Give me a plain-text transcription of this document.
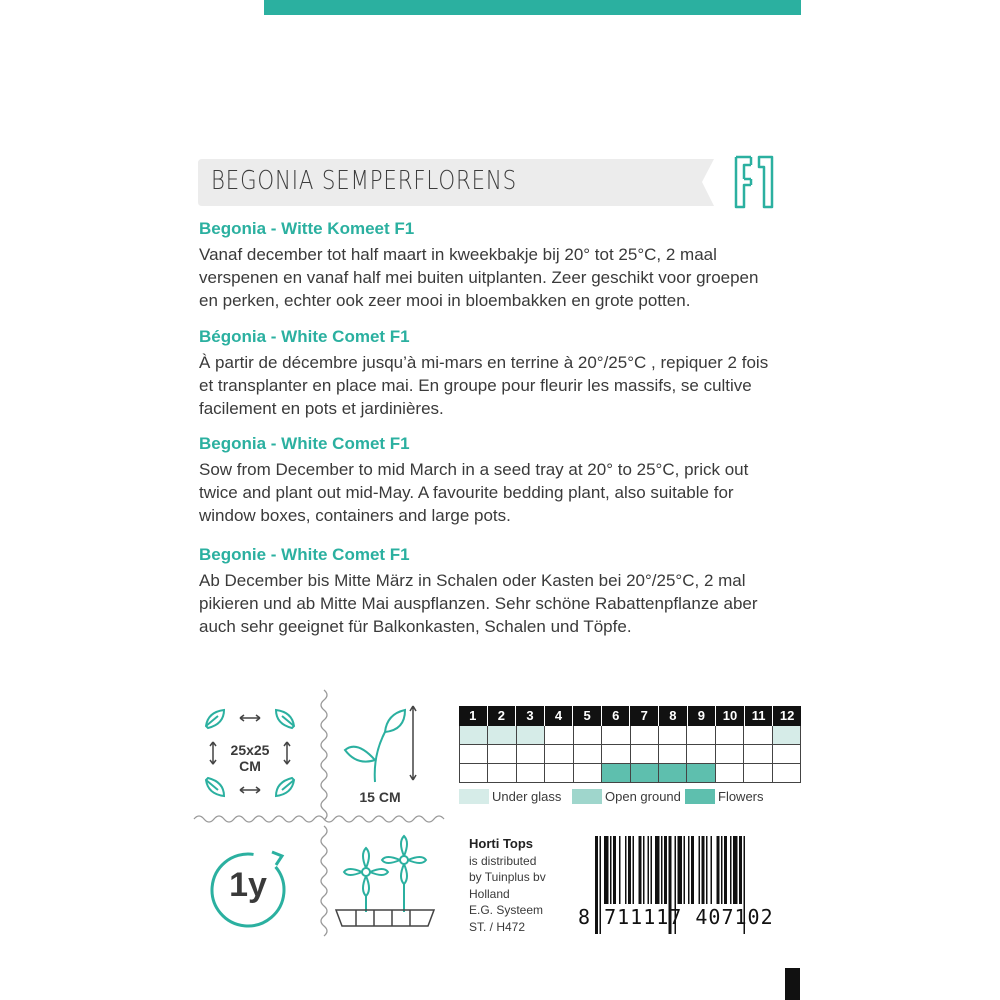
BEGONIA SEMPERFLORENS
F1
Begonia - Witte Komeet F1
Vanaf december tot half maart in kweekbakje bij 20° tot 25°C, 2 maal
verspenen en vanaf half mei buiten uitplanten. Zeer geschikt voor groepen
en perken, echter ook zeer mooi in bloembakken en grote potten.
Bégonia - White Comet F1
À partir de décembre jusqu’à mi-mars en terrine à 20°/25°C , repiquer 2 fois
et transplanter en place mai. En groupe pour fleurir les massifs, se cultive
facilement en pots et jardinières.
Begonia - White Comet F1
Sow from December to mid March in a seed tray at 20° to 25°C, prick out
twice and plant out mid-May. A favourite bedding plant, also suitable for
window boxes, containers and large pots.
Begonie - White Comet F1
Ab December bis Mitte März in Schalen oder Kasten bei 20°/25°C, 2 mal
pikieren und ab Mitte Mai auspflanzen. Sehr schöne Rabattenpflanze aber
auch sehr geeignet für Balkonkasten, Schalen und Töpfe.
25x25
CM
15 CM
1y
1	2	3	4	5	6	7	8	9	10	11	12
Under glass	Open ground	Flowers
Horti Tops
is distributed
by Tuinplus bv
Holland
E.G. Systeem
ST. / H472	8 711117 407102
